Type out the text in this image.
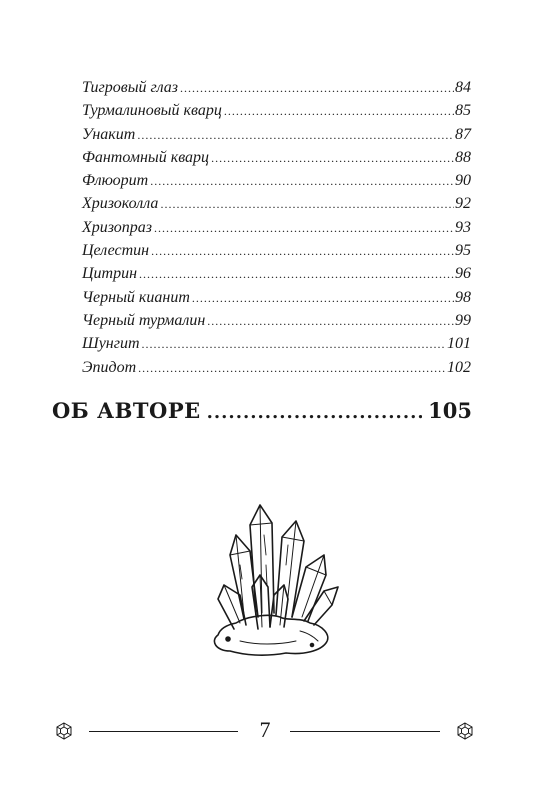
Тигровый глаз .....	84
Турмалиновый кварц .....	85
Унакит .....	87
Фантомный кварц .....	88
Флюорит .....	90
Хризоколла .....	92
Хризопраз .....	93
Целестин .....	95
Цитрин .....	96
Черный кианит .....	98
Черный турмалин .....	99
Шунгит .....	101
Эпидот .....	102
ОБ АВТОРЕ .....	105
7
